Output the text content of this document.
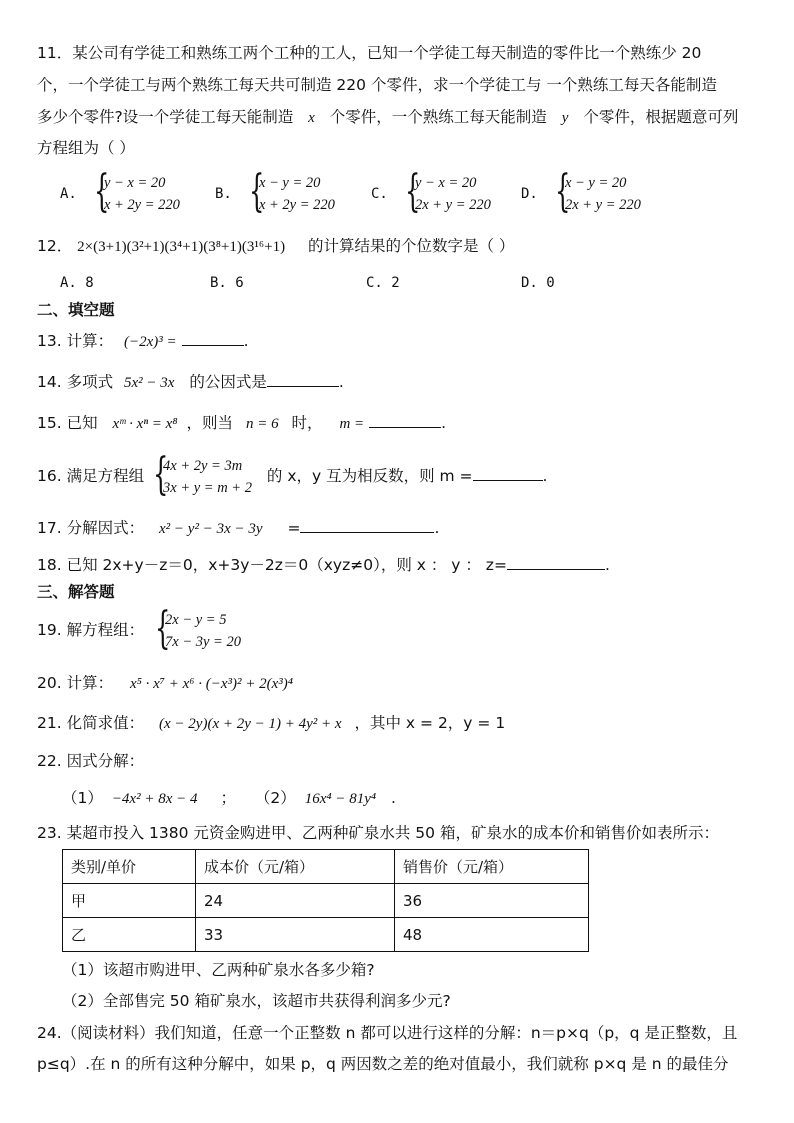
11．某公司有学徒工和熟练工两个工种的工人，已知一个学徒工每天制造的零件比一个熟练少 20
个，一个学徒工与两个熟练工每天共可制造 220 个零件，求一个学徒工与 一个熟练工每天各能制造
多少个零件?设一个学徒工每天能制造 x 个零件，一个熟练工每天能制造 y 个零件，根据题意可列
方程组为（ ）
A. {
y − x = 20
x + 2y = 220
B. {
x − y = 20
x + 2y = 220
C. {
y − x = 20
2x + y = 220
D. {
x − y = 20
2x + y = 220
12． 2×(3+1)(3²+1)(3⁴+1)(3⁸+1)(3¹⁶+1) 的计算结果的个位数字是（ ）
A. 8	B. 6	C. 2	D. 0
二、填空题
13. 计算： (−2x)³ =	.
14. 多项式 5x² − 3x 的公因式是	.
15. 已知 xᵐ · xⁿ = x⁸ ，则当 n = 6 时， m =	.
16. 满足方程组 {
4x + 2y = 3m
3x + y = m + 2
的 x，y 互为相反数，则 m =	.
17. 分解因式： x² − y² − 3x − 3y =	.
18. 已知 2x+y－z＝0，x+3y－2z＝0（xyz≠0），则 x ： y ： z=	.
三、解答题
19. 解方程组： {
2x − y = 5
7x − 3y = 20
20. 计算： x⁵ · x⁷ + x⁶ · (−x³)² + 2(x³)⁴
21. 化简求值： (x − 2y)(x + 2y − 1) + 4y² + x ，其中 x = 2，y = 1
22. 因式分解：
（1） −4x² + 8x − 4 ； （2） 16x⁴ − 81y⁴ .
23. 某超市投入 1380 元资金购进甲、乙两种矿泉水共 50 箱，矿泉水的成本价和销售价如表所示：
类别/单价	成本价（元/箱）	销售价（元/箱）
甲	24	36
乙	33	48
（1）该超市购进甲、乙两种矿泉水各多少箱?
（2）全部售完 50 箱矿泉水，该超市共获得利润多少元?
24.（阅读材料）我们知道，任意一个正整数 n 都可以进行这样的分解：n＝p×q（p，q 是正整数，且
p≤q）.在 n 的所有这种分解中，如果 p，q 两因数之差的绝对值最小，我们就称 p×q 是 n 的最佳分
